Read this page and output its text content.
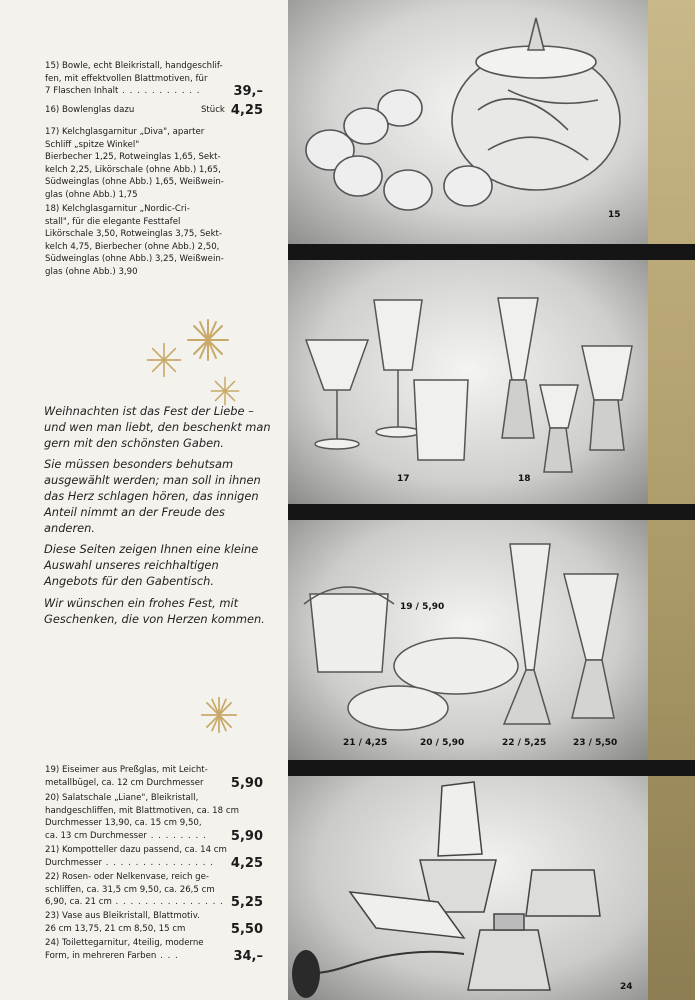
15) Bowle, echt Bleikristall, handgeschlif-
fen, mit effektvollen Blattmotiven, für
7 Flaschen Inhalt . . . . . . . . . . .	39,–
16) Bowlenglas dazu	4,25
Stück
17) Kelchglasgarnitur „Diva", aparter
Schliff „spitze Winkel"
Bierbecher 1,25, Rotweinglas 1,65, Sekt-
kelch 2,25, Likörschale (ohne Abb.) 1,65,
Südweinglas (ohne Abb.) 1,65, Weißwein-
glas (ohne Abb.) 1,75
18) Kelchglasgarnitur „Nordic-Cri-
stall", für die elegante Festtafel
Likörschale 3,50, Rotweinglas 3,75, Sekt-
kelch 4,75, Bierbecher (ohne Abb.) 2,50,
Südweinglas (ohne Abb.) 3,25, Weißwein-
glas (ohne Abb.) 3,90

Weihnachten ist das Fest der Liebe – und wen man liebt, den beschenkt man gern mit den schönsten Gaben.

Sie müssen besonders behutsam ausgewählt werden; man soll in ihnen das Herz schlagen hören, das innigen Anteil nimmt an der Freude des anderen.

Diese Seiten zeigen Ihnen eine kleine Auswahl unseres reichhaltigen Angebots für den Gabentisch.

Wir wünschen ein frohes Fest, mit Geschenken, die von Herzen kommen.

19) Eiseimer aus Preßglas, mit Leicht-
metallbügel, ca. 12 cm Durchmesser 5,90
20) Salatschale „Liane", Bleikristall,
handgeschliffen, mit Blattmotiven, ca. 18 cm
Durchmesser 13,90, ca. 15 cm 9,50,
ca. 13 cm Durchmesser . . . . . . . . 5,90
21) Kompotteller dazu passend, ca. 14 cm
Durchmesser . . . . . . . . . . . . . . . 4,25
22) Rosen- oder Nelkenvase, reich ge-
schliffen, ca. 31,5 cm 9,50, ca. 26,5 cm
6,90, ca. 21 cm . . . . . . . . . . . . . . . 5,25
23) Vase aus Bleikristall, Blattmotiv.
26 cm 13,75, 21 cm 8,50, 15 cm	5,50
24) Toilettegarnitur, 4teilig, moderne
Form, in mehreren Farben . . .	34,–
15
17	18
19 / 5,90
21 / 4,25	20 / 5,90	22 / 5,25	23 / 5,50
24
